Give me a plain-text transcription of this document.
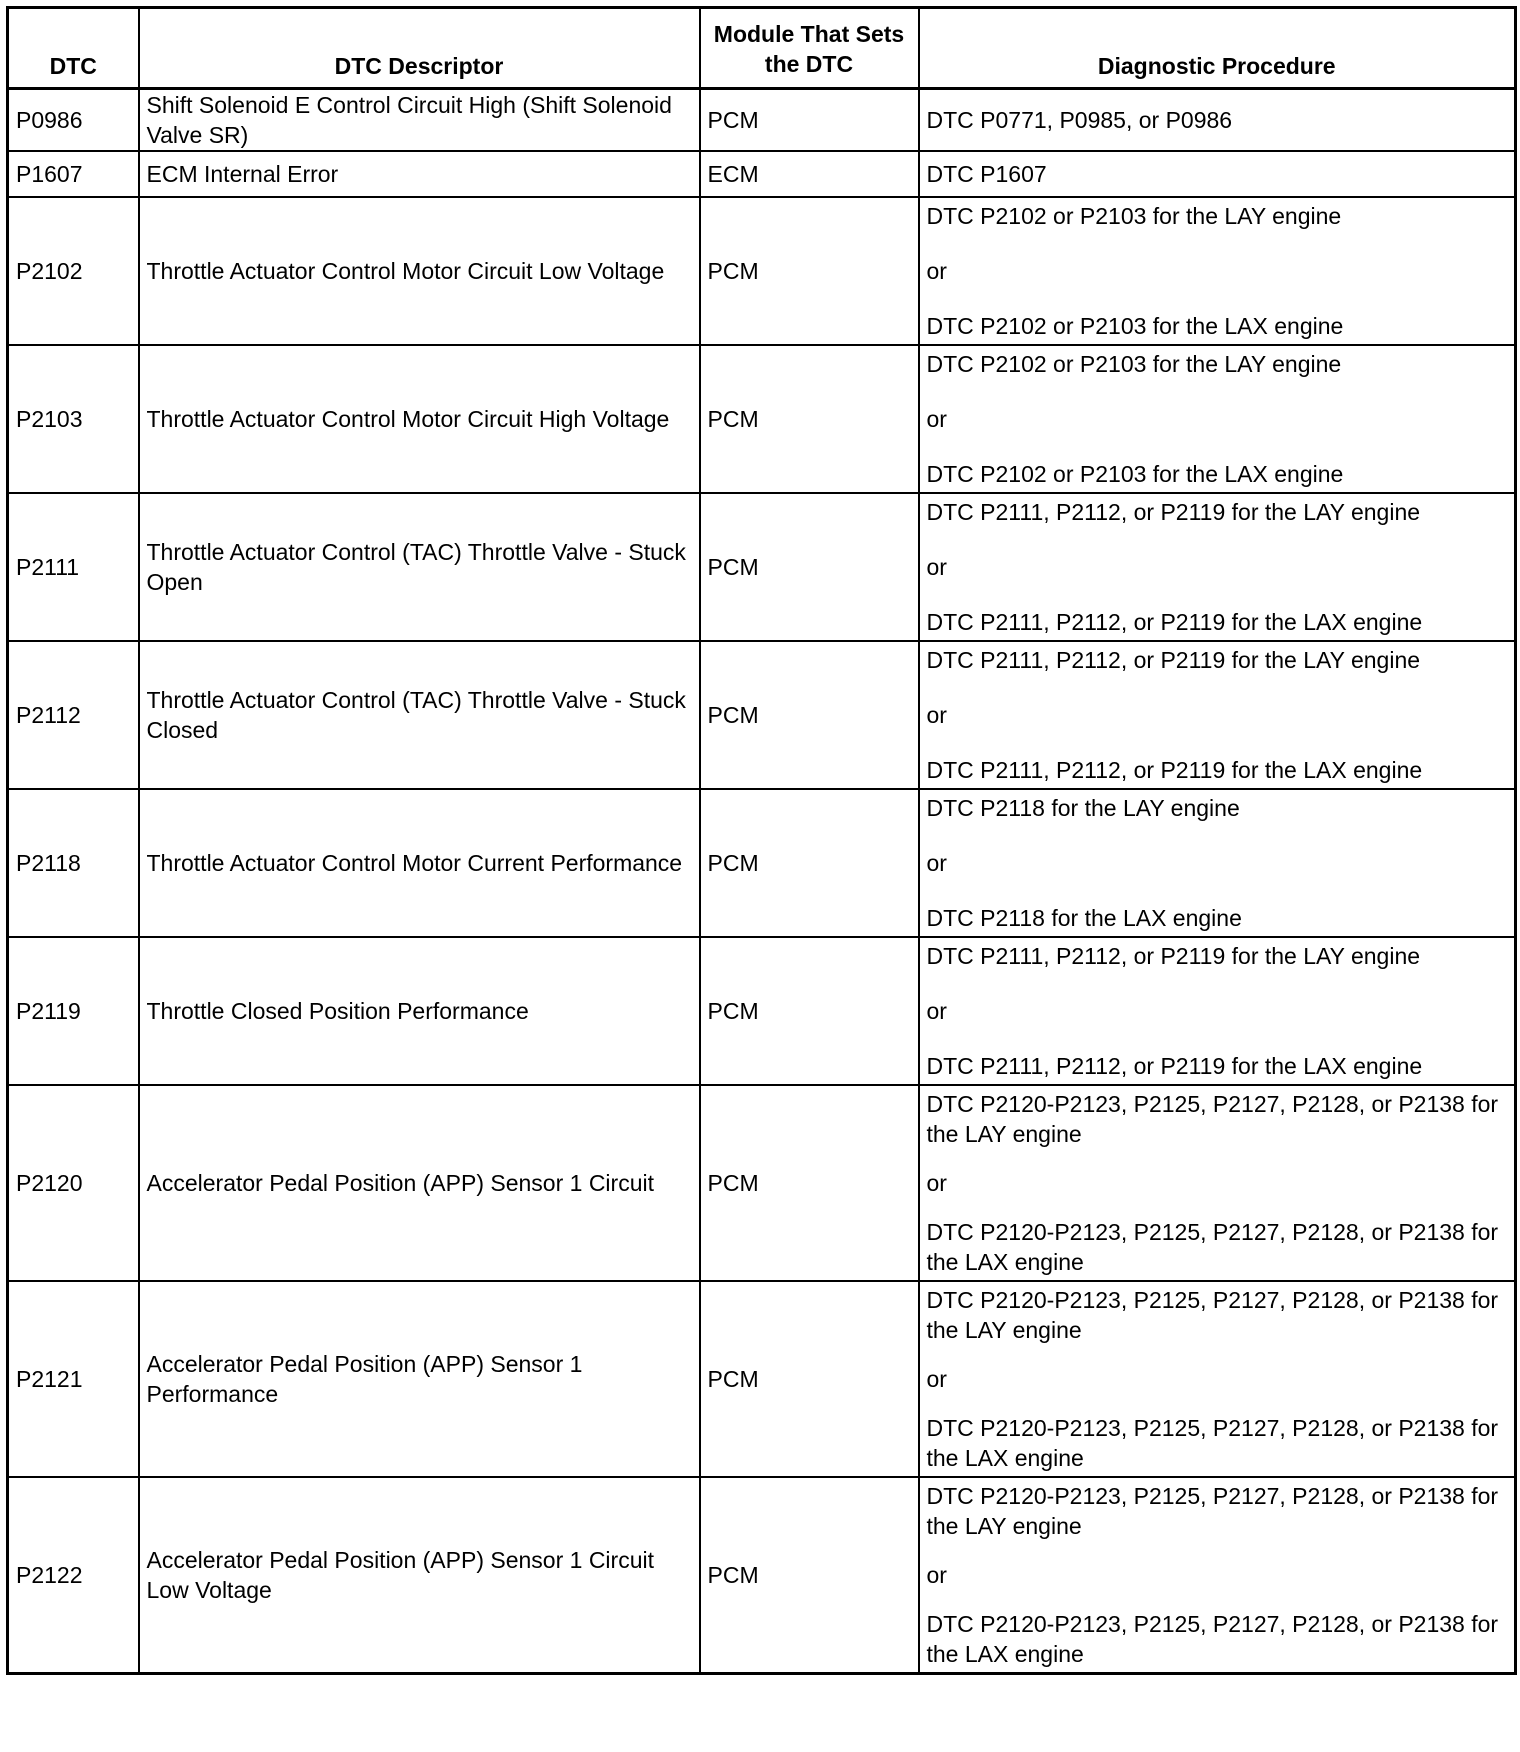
DTC	DTC Descriptor	Module That Sets the DTC	Diagnostic Procedure
P0986	Shift Solenoid E Control Circuit High (Shift Solenoid Valve SR)	PCM	DTC P0771, P0985, or P0986

P1607	ECM Internal Error	ECM	DTC P1607

P2102	Throttle Actuator Control Motor Circuit Low Voltage	PCM	DTC P2102 or P2103 for the LAY engine
or
DTC P2102 or P2103 for the LAX engine

P2103	Throttle Actuator Control Motor Circuit High Voltage	PCM	DTC P2102 or P2103 for the LAY engine
or
DTC P2102 or P2103 for the LAX engine

P2111	Throttle Actuator Control (TAC) Throttle Valve - Stuck Open	PCM	DTC P2111, P2112, or P2119 for the LAY engine
or
DTC P2111, P2112, or P2119 for the LAX engine

P2112	Throttle Actuator Control (TAC) Throttle Valve - Stuck Closed	PCM	DTC P2111, P2112, or P2119 for the LAY engine
or
DTC P2111, P2112, or P2119 for the LAX engine

P2118	Throttle Actuator Control Motor Current Performance	PCM	DTC P2118 for the LAY engine
or
DTC P2118 for the LAX engine

P2119	Throttle Closed Position Performance	PCM	DTC P2111, P2112, or P2119 for the LAY engine
or
DTC P2111, P2112, or P2119 for the LAX engine

P2120	Accelerator Pedal Position (APP) Sensor 1 Circuit	PCM	DTC P2120-P2123, P2125, P2127, P2128, or P2138 for the LAY engine
or
DTC P2120-P2123, P2125, P2127, P2128, or P2138 for the LAX engine

P2121	Accelerator Pedal Position (APP) Sensor 1 Performance	PCM	DTC P2120-P2123, P2125, P2127, P2128, or P2138 for the LAY engine
or
DTC P2120-P2123, P2125, P2127, P2128, or P2138 for the LAX engine

P2122	Accelerator Pedal Position (APP) Sensor 1 Circuit Low Voltage	PCM	DTC P2120-P2123, P2125, P2127, P2128, or P2138 for the LAY engine
or
DTC P2120-P2123, P2125, P2127, P2128, or P2138 for the LAX engine
